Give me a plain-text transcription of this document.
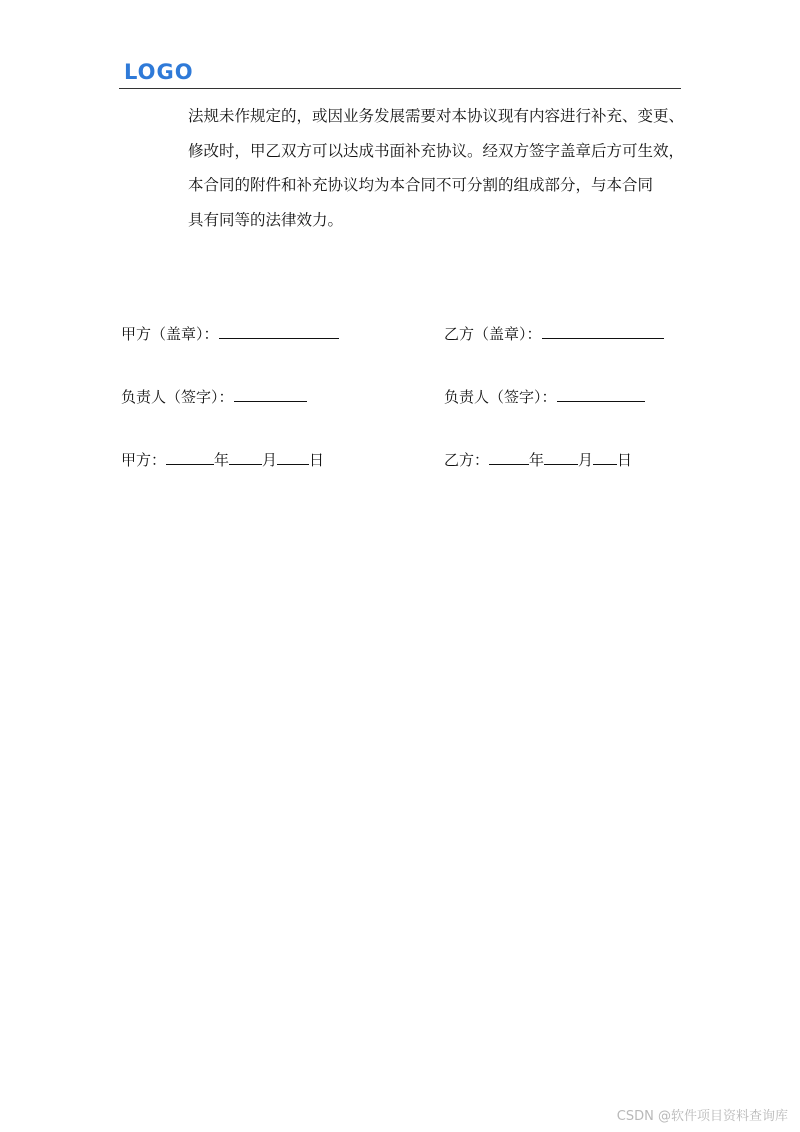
LOGO
法规未作规定的，或因业务发展需要对本协议现有内容进行补充、变更、
修改时，甲乙双方可以达成书面补充协议。经双方签字盖章后方可生效，
本合同的附件和补充协议均为本合同不可分割的组成部分，与本合同
具有同等的法律效力。
甲方（盖章）：	乙方（盖章）：
负责人（签字）：	负责人（签字）：
甲方：	年 月 日	乙方：	年 月 日
CSDN @软件项目资料查询库
